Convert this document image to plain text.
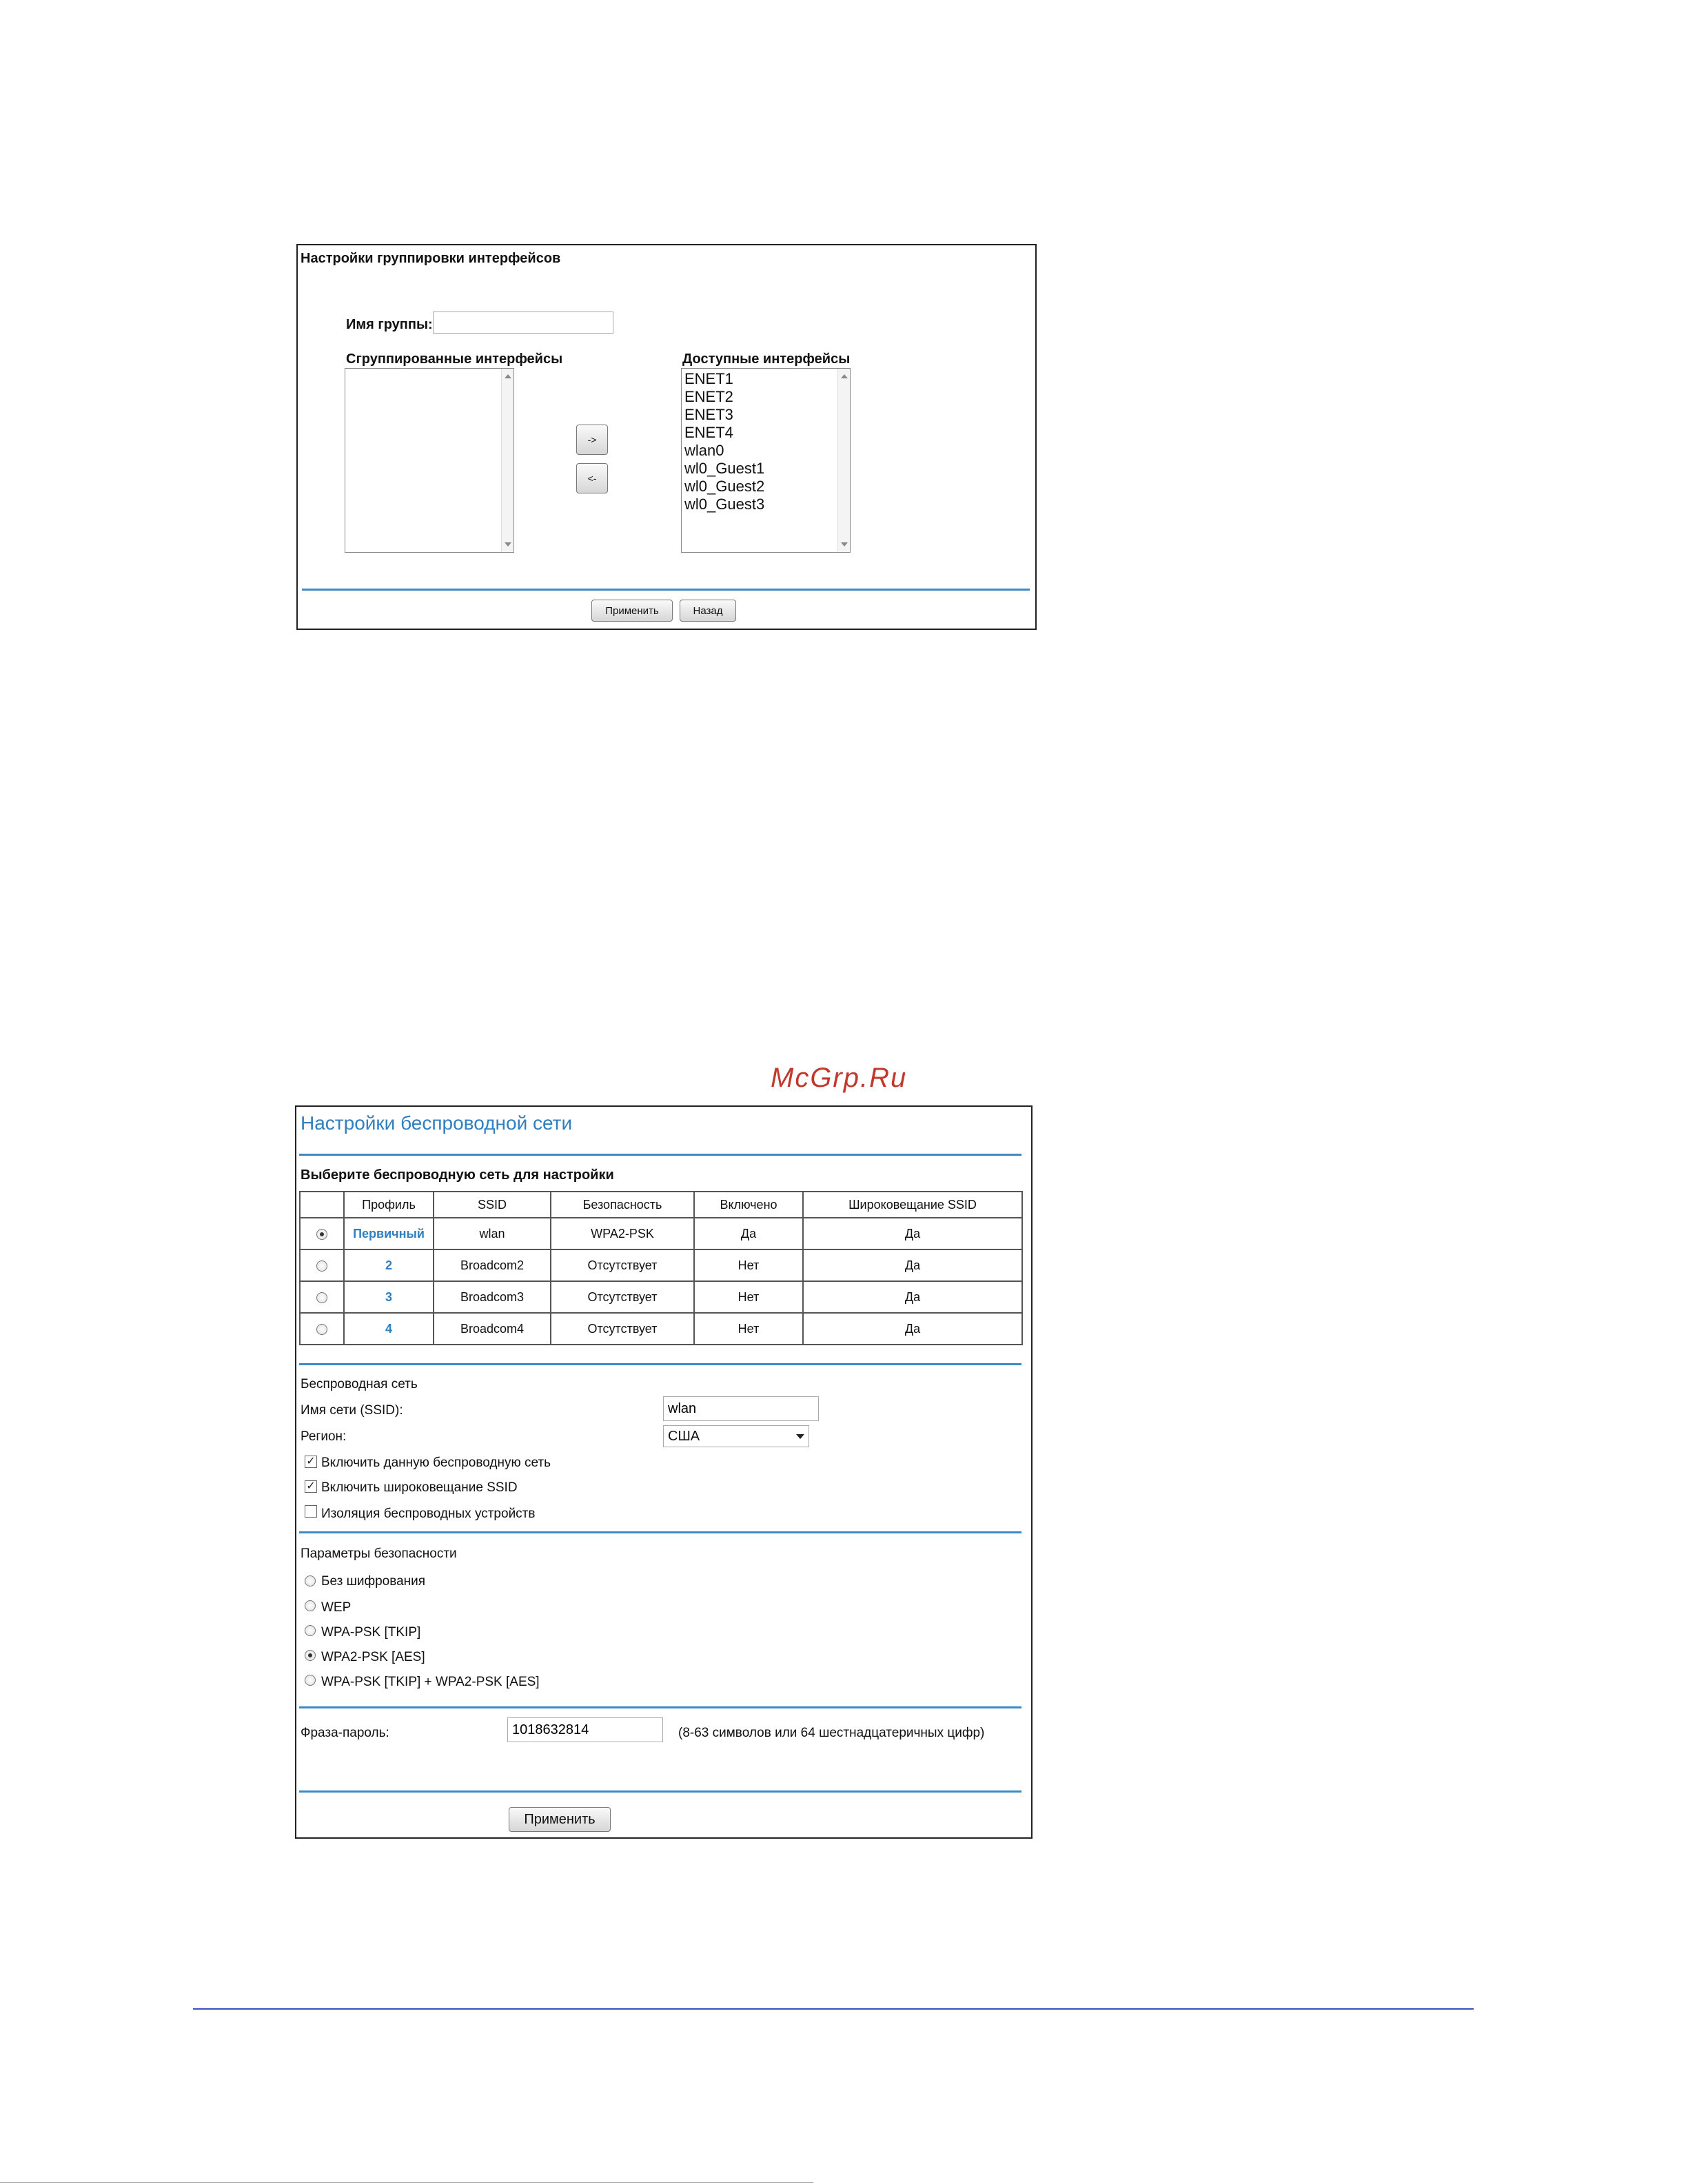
Настройки группировки интерфейсов
Имя группы:
Сгруппированные интерфейсы	Доступные интерфейсы
ENET1
ENET2
ENET3
ENET4
wlan0
wl0_Guest1
wl0_Guest2
wl0_Guest3
->
<-
Применить	Назад
McGrp.Ru
Настройки беспроводной сети
Выберите беспроводную сеть для настройки
	Профиль	SSID	Безопасность	Включено	Широковещание SSID
	Первичный	wlan	WPA2-PSK	Да	Да
	2	Broadcom2	Отсутствует	Нет	Да
	3	Broadcom3	Отсутствует	Нет	Да
	4	Broadcom4	Отсутствует	Нет	Да
Беспроводная сеть
Имя сети (SSID):
wlan
Регион:	США
✓ Включить данную беспроводную сеть
✓ Включить широковещание SSID
Изоляция беспроводных устройств
Параметры безопасности
Без шифрования
WEP
WPA-PSK [TKIP]
WPA2-PSK [AES]
WPA-PSK [TKIP] + WPA2-PSK [AES]
Фраза-пароль:
1018632814	(8-63 символов или 64 шестнадцатеричных цифр)
Применить
